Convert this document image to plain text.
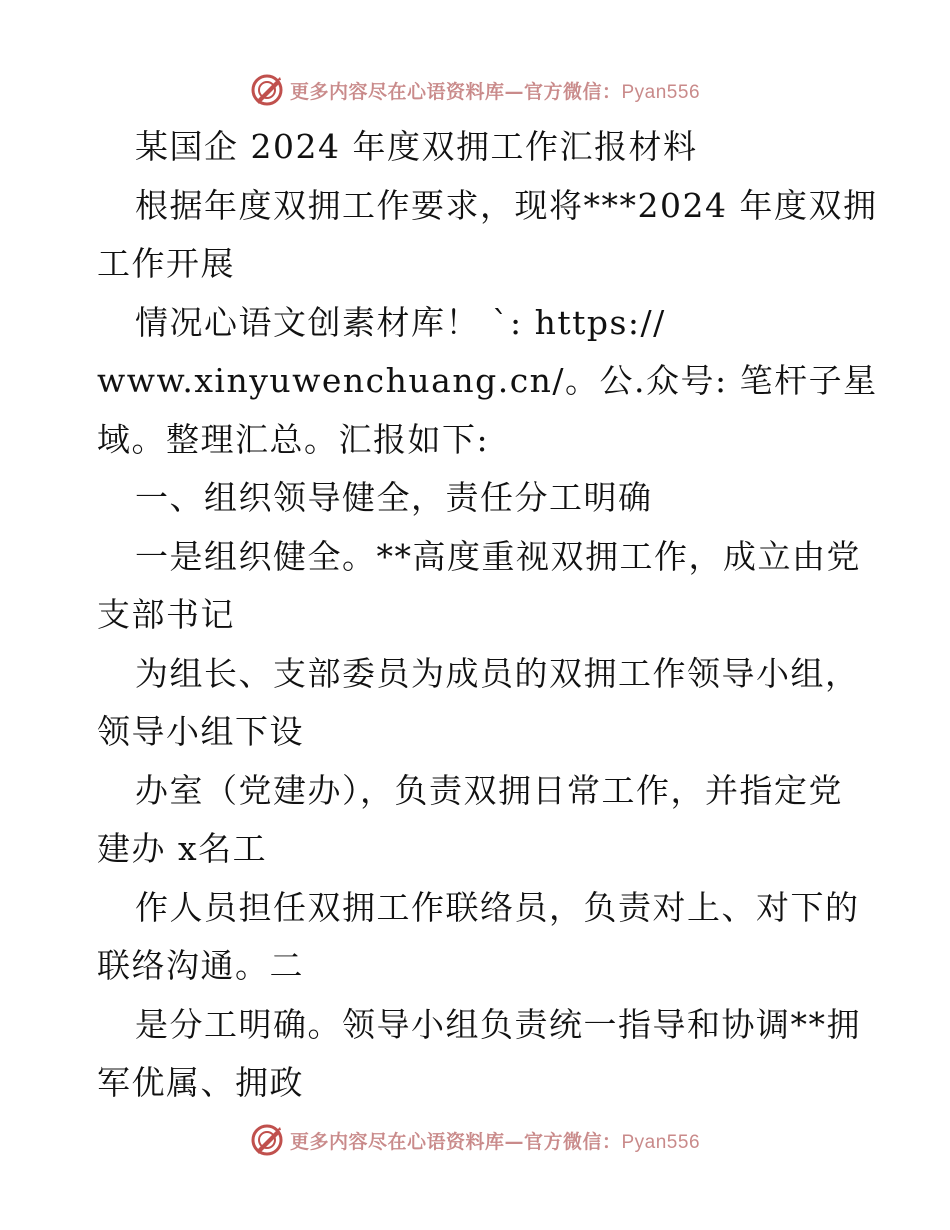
更多内容尽在心语资料库—官方微信：Pyan556
某国企 2024 年度双拥工作汇报材料
根据年度双拥工作要求，现将***2024 年度双拥
工作开展
情况心语文创素材库！ `: https://
www.xinyuwenchuang.cn/。公.众号: 笔杆子星
域。整理汇总。汇报如下:
一、组织领导健全，责任分工明确
一是组织健全。**高度重视双拥工作，成立由党
支部书记
为组长、支部委员为成员的双拥工作领导小组，
领导小组下设
办室（党建办），负责双拥日常工作，并指定党
建办 x名工
作人员担任双拥工作联络员，负责对上、对下的
联络沟通。二
是分工明确。领导小组负责统一指导和协调**拥
军优属、拥政
更多内容尽在心语资料库—官方微信：Pyan556
